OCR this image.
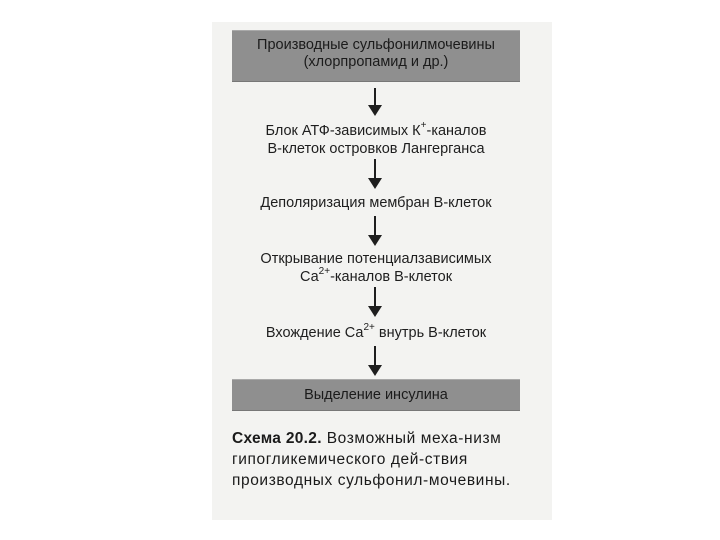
Производные сульфонилмочевины
(хлорпропамид и др.)
Блок АТФ-зависимых К+-каналов
В-клеток островков Лангерганса
Деполяризация мембран В-клеток
Открывание потенциалзависимых
$Са^{2+}$-каналов В-клеток
Вхождение $Са^{2+}$ внутрь В-клеток
Выделение инсулина
Схема 20.2. Возможный меха-низм гипогликемического дей-ствия производных сульфонил-мочевины.
